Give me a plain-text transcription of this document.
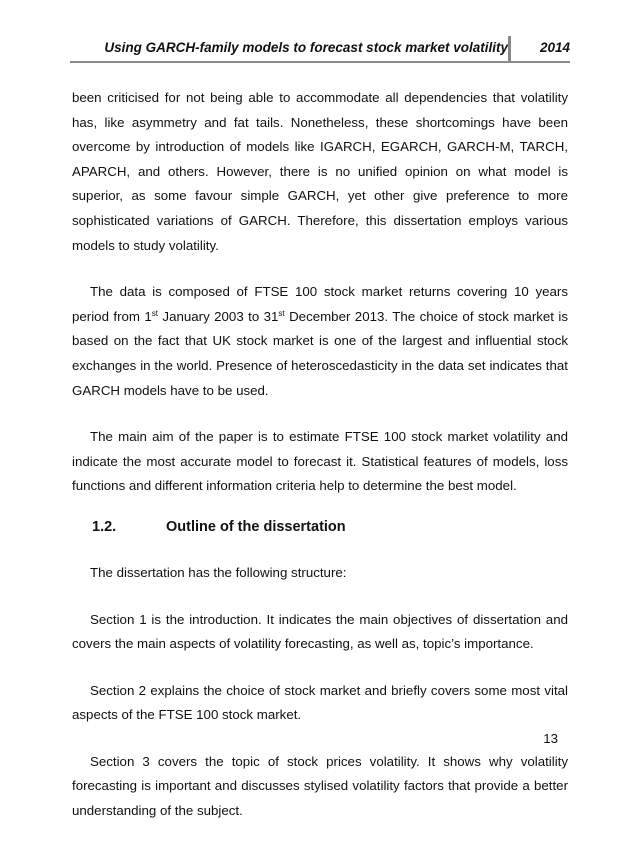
Using GARCH-family models to forecast stock market volatility 2014

been criticised for not being able to accommodate all dependencies that volatility has, like asymmetry and fat tails. Nonetheless, these shortcomings have been overcome by introduction of models like IGARCH, EGARCH, GARCH-M, TARCH, APARCH, and others. However, there is no unified opinion on what model is superior, as some favour simple GARCH, yet other give preference to more sophisticated variations of GARCH. Therefore, this dissertation employs various models to study volatility.

The data is composed of FTSE 100 stock market returns covering 10 years period from 1st January 2003 to 31st December 2013. The choice of stock market is based on the fact that UK stock market is one of the largest and influential stock exchanges in the world. Presence of heteroscedasticity in the data set indicates that GARCH models have to be used.

The main aim of the paper is to estimate FTSE 100 stock market volatility and indicate the most accurate model to forecast it. Statistical features of models, loss functions and different information criteria help to determine the best model.

1.2.	Outline of the dissertation

The dissertation has the following structure:

Section 1 is the introduction. It indicates the main objectives of dissertation and covers the main aspects of volatility forecasting, as well as, topic’s importance.

Section 2 explains the choice of stock market and briefly covers some most vital aspects of the FTSE 100 stock market.

Section 3 covers the topic of stock prices volatility. It shows why volatility forecasting is important and discusses stylised volatility factors that provide a better understanding of the subject.

13
